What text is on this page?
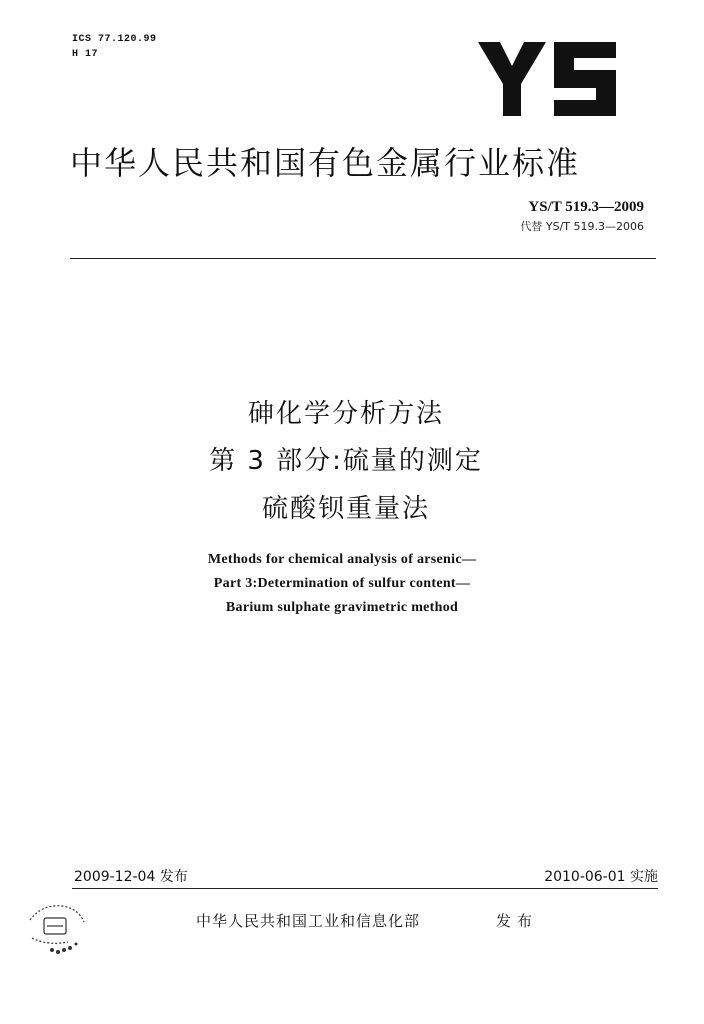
ICS 77.120.99
H 17
中华人民共和国有色金属行业标准
YS/T 519.3—2009
代替 YS/T 519.3—2006
砷化学分析方法
第 3 部分:硫量的测定
硫酸钡重量法
Methods for chemical analysis of arsenic—
Part 3:Determination of sulfur content—
Barium sulphate gravimetric method
2009-12-04 发布	2010-06-01 实施
中华人民共和国工业和信息化部	发布
